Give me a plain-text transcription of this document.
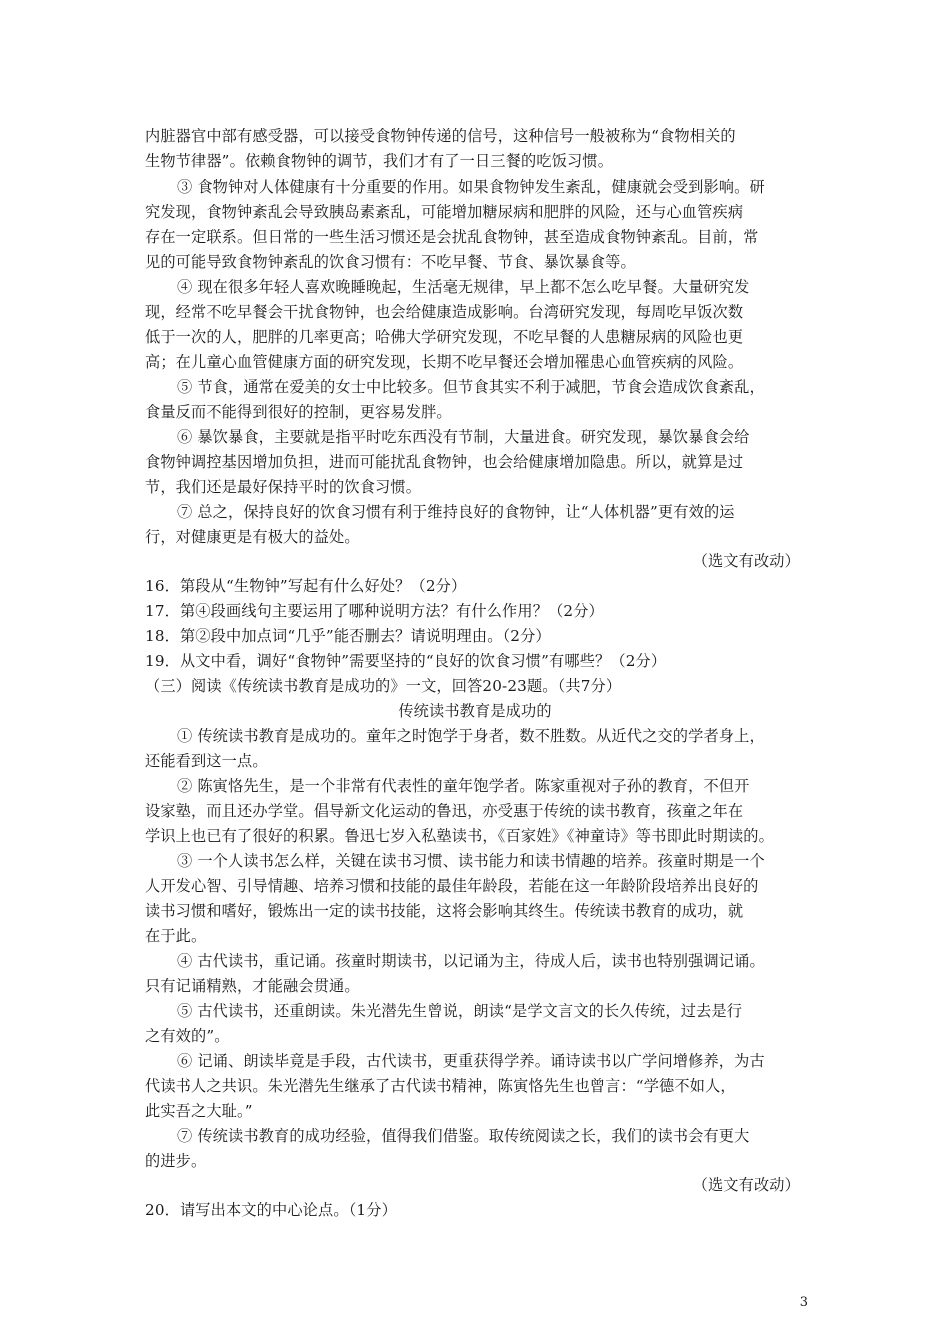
内脏器官中部有感受器，可以接受食物钟传递的信号，这种信号一般被称为“食物相关的
生物节律器”。依赖食物钟的调节，我们才有了一日三餐的吃饭习惯。
③ 食物钟对人体健康有十分重要的作用。如果食物钟发生紊乱，健康就会受到影响。研
究发现，食物钟紊乱会导致胰岛素紊乱，可能增加糖尿病和肥胖的风险，还与心血管疾病
存在一定联系。但日常的一些生活习惯还是会扰乱食物钟，甚至造成食物钟紊乱。目前，常
见的可能导致食物钟紊乱的饮食习惯有：不吃早餐、节食、暴饮暴食等。
④ 现在很多年轻人喜欢晚睡晚起，生活毫无规律，早上都不怎么吃早餐。大量研究发
现，经常不吃早餐会干扰食物钟，也会给健康造成影响。台湾研究发现，每周吃早饭次数
低于一次的人，肥胖的几率更高；哈佛大学研究发现，不吃早餐的人患糖尿病的风险也更
高；在儿童心血管健康方面的研究发现，长期不吃早餐还会增加罹患心血管疾病的风险。
⑤ 节食，通常在爱美的女士中比较多。但节食其实不利于减肥，节食会造成饮食紊乱，
食量反而不能得到很好的控制，更容易发胖。
⑥ 暴饮暴食，主要就是指平时吃东西没有节制，大量进食。研究发现，暴饮暴食会给
食物钟调控基因增加负担，进而可能扰乱食物钟，也会给健康增加隐患。所以，就算是过
节，我们还是最好保持平时的饮食习惯。
⑦ 总之，保持良好的饮食习惯有利于维持良好的食物钟，让“人体机器”更有效的运
行，对健康更是有极大的益处。
（选文有改动）
16．第段从“生物钟”写起有什么好处？（2分）
17．第④段画线句主要运用了哪种说明方法？有什么作用？（2分）
18．第②段中加点词“几乎”能否删去？请说明理由。（2分）
19．从文中看，调好“食物钟”需要坚持的“良好的饮食习惯”有哪些？（2分）
（三）阅读《传统读书教育是成功的》一文，回答20-23题。（共7分）
传统读书教育是成功的
① 传统读书教育是成功的。童年之时饱学于身者，数不胜数。从近代之交的学者身上，
还能看到这一点。
② 陈寅恪先生，是一个非常有代表性的童年饱学者。陈家重视对子孙的教育，不但开
设家塾，而且还办学堂。倡导新文化运动的鲁迅，亦受惠于传统的读书教育，孩童之年在
学识上也已有了很好的积累。鲁迅七岁入私塾读书，《百家姓》《神童诗》等书即此时期读的。
③ 一个人读书怎么样，关键在读书习惯、读书能力和读书情趣的培养。孩童时期是一个
人开发心智、引导情趣、培养习惯和技能的最佳年龄段，若能在这一年龄阶段培养出良好的
读书习惯和嗜好，锻炼出一定的读书技能，这将会影响其终生。传统读书教育的成功，就
在于此。
④ 古代读书，重记诵。孩童时期读书，以记诵为主，待成人后，读书也特别强调记诵。
只有记诵精熟，才能融会贯通。
⑤ 古代读书，还重朗读。朱光潜先生曾说，朗读“是学文言文的长久传统，过去是行
之有效的”。
⑥ 记诵、朗读毕竟是手段，古代读书，更重获得学养。诵诗读书以广学问增修养，为古
代读书人之共识。朱光潜先生继承了古代读书精神，陈寅恪先生也曾言：“学德不如人，
此实吾之大耻。”
⑦ 传统读书教育的成功经验，值得我们借鉴。取传统阅读之长，我们的读书会有更大
的进步。
（选文有改动）
20．请写出本文的中心论点。（1分）
3
